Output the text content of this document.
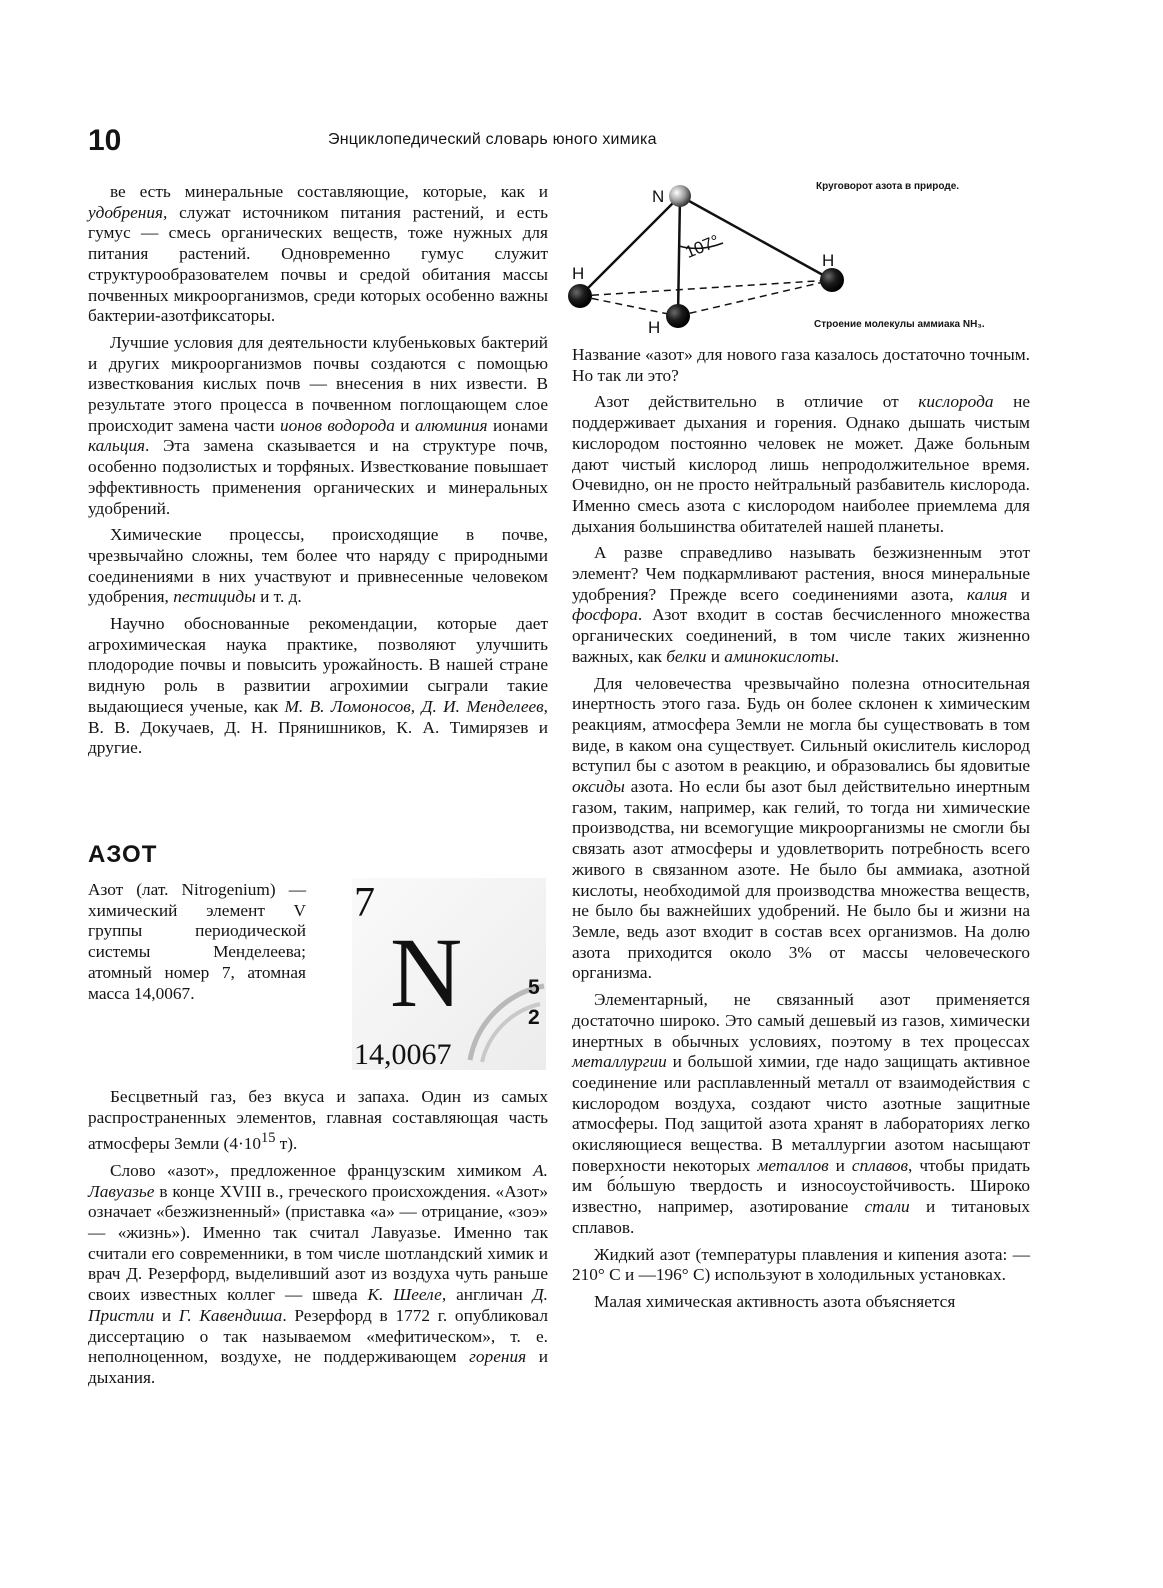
10	Энциклопедический словарь юного химика

ве есть минеральные составляющие, которые, как и удобрения, служат источником питания растений, и есть гумус — смесь органических веществ, тоже нужных для питания растений. Одновременно гумус служит структурообразователем почвы и средой обитания массы почвенных микроорганизмов, среди которых особенно важны бактерии-азотфиксаторы.

Лучшие условия для деятельности клубеньковых бактерий и других микроорганизмов почвы создаются с помощью известкования кислых почв — внесения в них извести. В результате этого процесса в почвенном поглощающем слое происходит замена части ионов водорода и алюминия ионами кальция. Эта замена сказывается и на структуре почв, особенно подзолистых и торфяных. Известкование повышает эффективность применения органических и минеральных удобрений.

Химические процессы, происходящие в почве, чрезвычайно сложны, тем более что наряду с природными соединениями в них участвуют и привнесенные человеком удобрения, пестициды и т. д.

Научно обоснованные рекомендации, которые дает агрохимическая наука практике, позволяют улучшить плодородие почвы и повысить урожайность. В нашей стране видную роль в развитии агрохимии сыграли такие выдающиеся ученые, как М. В. Ломоносов, Д. И. Менделеев, В. В. Докучаев, Д. Н. Прянишников, К. А. Тимирязев и другие.

АЗОТ

Азот (лат. Nitrogenium) — химический элемент V группы периодической системы Менделеева; атомный номер 7, атомная масса 14,0067.

7
N	5
2
14,0067

Бесцветный газ, без вкуса и запаха. Один из самых распространенных элементов, главная составляющая часть атмосферы Земли ($4\cdot 10^{15}$ т).

Слово «азот», предложенное французским химиком А. Лавуазье в конце XVIII в., греческого происхождения. «Азот» означает «безжизненный» (приставка «а» — отрицание, «зоэ» — «жизнь»). Именно так считал Лавуазье. Именно так считали его современники, в том числе шотландский химик и врач Д. Резерфорд, выделивший азот из воздуха чуть раньше своих известных коллег — шведа К. Шееле, англичан Д. Пристли и Г. Кавендиша. Резерфорд в 1772 г. опубликовал диссертацию о так называемом «мефитическом», т. е. неполноценном, воздухе, не поддерживающем горения и дыхания.

107°
N
H
H
H
Круговорот азота в природе.
Строение молекулы аммиака NH₃.

Название «азот» для нового газа казалось достаточно точным. Но так ли это?

Азот действительно в отличие от кислорода не поддерживает дыхания и горения. Однако дышать чистым кислородом постоянно человек не может. Даже больным дают чистый кислород лишь непродолжительное время. Очевидно, он не просто нейтральный разбавитель кислорода. Именно смесь азота с кислородом наиболее приемлема для дыхания большинства обитателей нашей планеты.

А разве справедливо называть безжизненным этот элемент? Чем подкармливают растения, внося минеральные удобрения? Прежде всего соединениями азота, калия и фосфора. Азот входит в состав бесчисленного множества органических соединений, в том числе таких жизненно важных, как белки и аминокислоты.

Для человечества чрезвычайно полезна относительная инертность этого газа. Будь он более склонен к химическим реакциям, атмосфера Земли не могла бы существовать в том виде, в каком она существует. Сильный окислитель кислород вступил бы с азотом в реакцию, и образовались бы ядовитые оксиды азота. Но если бы азот был действительно инертным газом, таким, например, как гелий, то тогда ни химические производства, ни всемогущие микроорганизмы не смогли бы связать азот атмосферы и удовлетворить потребность всего живого в связанном азоте. Не было бы аммиака, азотной кислоты, необходимой для производства множества веществ, не было бы важнейших удобрений. Не было бы и жизни на Земле, ведь азот входит в состав всех организмов. На долю азота приходится около 3% от массы человеческого организма.

Элементарный, не связанный азот применяется достаточно широко. Это самый дешевый из газов, химически инертных в обычных условиях, поэтому в тех процессах металлургии и большой химии, где надо защищать активное соединение или расплавленный металл от взаимодействия с кислородом воздуха, создают чисто азотные защитные атмосферы. Под защитой азота хранят в лабораториях легко окисляющиеся вещества. В металлургии азотом насыщают поверхности некоторых металлов и сплавов, чтобы придать им бо́льшую твердость и износоустойчивость. Широко известно, например, азотирование стали и титановых сплавов.

Жидкий азот (температуры плавления и кипения азота: —210° С и —196° С) используют в холодильных установках.

Малая химическая активность азота объясняется
